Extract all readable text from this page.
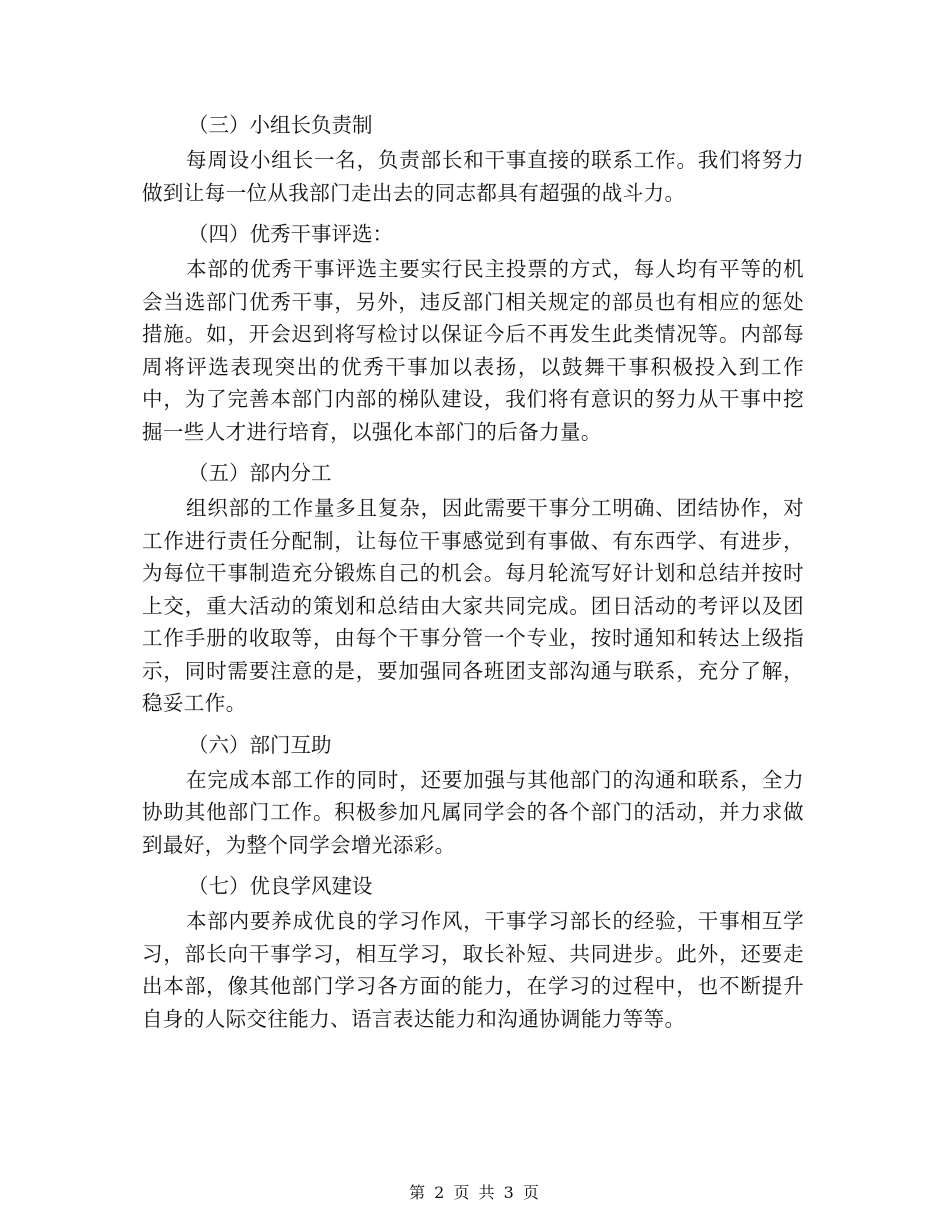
（三）小组长负责制

每周设小组长一名，负责部长和干事直接的联系工作。我们将努力做到让每一位从我部门走出去的同志都具有超强的战斗力。

（四）优秀干事评选：

本部的优秀干事评选主要实行民主投票的方式，每人均有平等的机会当选部门优秀干事，另外，违反部门相关规定的部员也有相应的惩处措施。如，开会迟到将写检讨以保证今后不再发生此类情况等。内部每周将评选表现突出的优秀干事加以表扬，以鼓舞干事积极投入到工作中，为了完善本部门内部的梯队建设，我们将有意识的努力从干事中挖掘一些人才进行培育，以强化本部门的后备力量。

（五）部内分工

组织部的工作量多且复杂，因此需要干事分工明确、团结协作，对工作进行责任分配制，让每位干事感觉到有事做、有东西学、有进步，为每位干事制造充分锻炼自己的机会。每月轮流写好计划和总结并按时上交，重大活动的策划和总结由大家共同完成。团日活动的考评以及团工作手册的收取等，由每个干事分管一个专业，按时通知和转达上级指示，同时需要注意的是，要加强同各班团支部沟通与联系，充分了解，稳妥工作。

（六）部门互助

在完成本部工作的同时，还要加强与其他部门的沟通和联系，全力协助其他部门工作。积极参加凡属同学会的各个部门的活动，并力求做到最好，为整个同学会增光添彩。

（七）优良学风建设

本部内要养成优良的学习作风，干事学习部长的经验，干事相互学习，部长向干事学习，相互学习，取长补短、共同进步。此外，还要走出本部，像其他部门学习各方面的能力，在学习的过程中，也不断提升自身的人际交往能力、语言表达能力和沟通协调能力等等。

第 2 页 共 3 页
